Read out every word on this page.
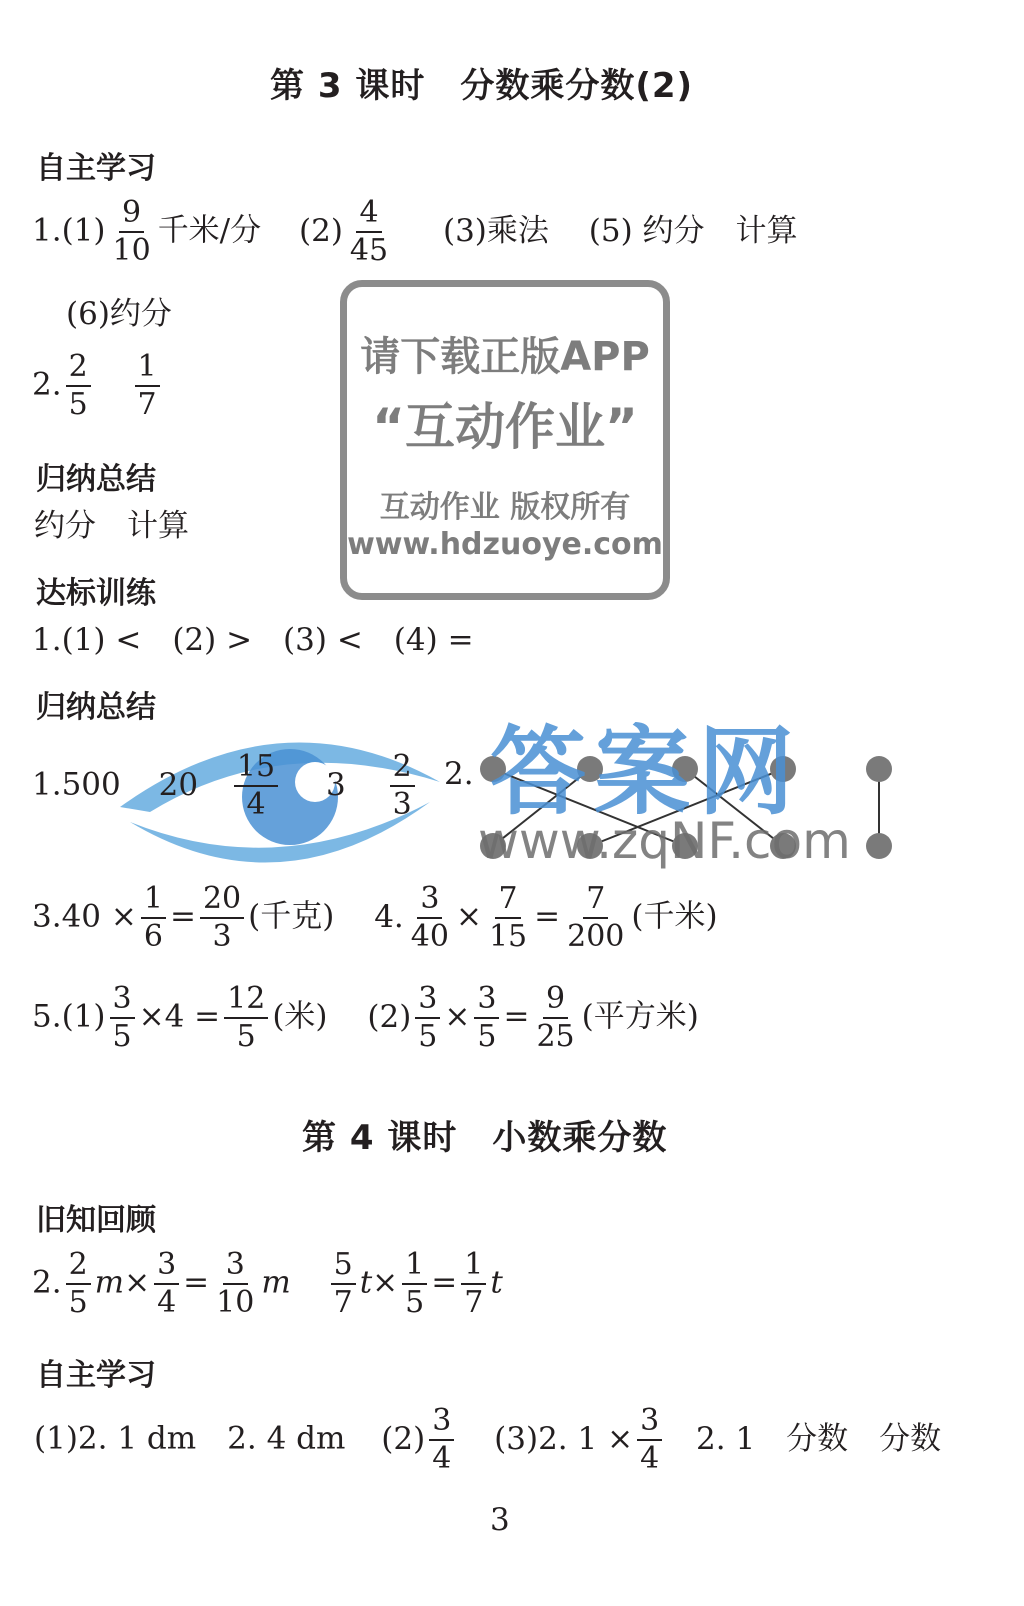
第 3 课时　分数乘分数(2)
自主学习
$1.(1) \frac{9}{10}$ 千米/分 $(2) \frac{4}{45} (3)$乘法 (5) 约分　计算
(6)约分
2. $\frac{2}{5}$
$\frac{1}{7}$
归纳总结
约分　计算
达标训练
1.(1) <　(2) >　(3) <　(4) =
归纳总结
1.500 $20 \frac{15}{4} 3 \frac{2}{3} 2$. 答案网
www.zqNF.com
$3.40 \times \frac{1}{6} = \frac{20}{3}$ (千克) 4. $\frac{3}{40} \times \frac{7}{15} = \frac{7}{200}$ (千米)
$5.(1) \frac{3}{5} \times 4 = \frac{12}{5}$ (米) $(2) \frac{3}{5} \times \frac{3}{5} = \frac{9}{25}$ (平方米)
第 4 课时　小数乘分数
旧知回顾
2. $\frac{2}{5} m\times \frac{3}{4} = \frac{3}{10}$ m $\frac{5}{7} t\times \frac{1}{5} = \frac{1}{7}$ t
自主学习
(1)2. 1 dm　2. 4 dm $(2) \frac{3}{4} (3)2$. $1 \times \frac{3}{4} 2$. 1　分数　分数
3
请下载正版APP
“互动作业”
互动作业 版权所有
www.hdzuoye.com
